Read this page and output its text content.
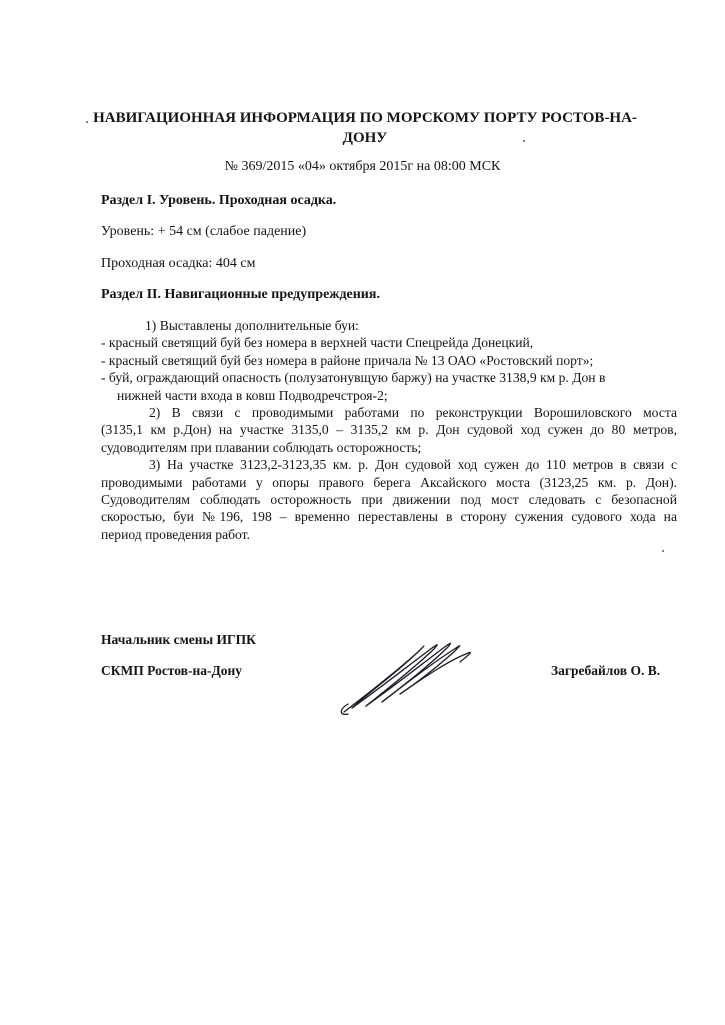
НАВИГАЦИОННАЯ ИНФОРМАЦИЯ ПО МОРСКОМУ ПОРТУ РОСТОВ-НА-ДОНУ
№ 369/2015 «04» октября 2015г на 08:00 МСК
Раздел I. Уровень. Проходная осадка.
Уровень: + 54 см (слабое падение)
Проходная осадка: 404 см
Раздел II. Навигационные предупреждения.
1) Выставлены дополнительные буи:
- красный светящий буй без номера в верхней части Спецрейда Донецкий,
- красный светящий буй без номера в районе причала № 13 ОАО «Ростовский порт»;
- буй, ограждающий опасность (полузатонувщую баржу) на участке 3138,9 км р. Дон в
нижней части входа в ковш Подводречстроя-2;
2) В связи с проводимыми работами по реконструкции Ворошиловского моста
(3135,1 км р.Дон) на участке 3135,0 – 3135,2 км р. Дон судовой ход сужен до 80 метров,
судоводителям при плавании соблюдать осторожность;
3) На участке 3123,2-3123,35 км. р. Дон судовой ход сужен до 110 метров в связи с
проводимыми работами у опоры правого берега Аксайского моста (3123,25 км. р. Дон).
Судоводителям соблюдать осторожность при движении под мост следовать с безопасной
скоростью, буи №196, 198 – временно переставлены в сторону сужения судового хода на
период проведения работ.
Начальник смены ИГПК
СКМП Ростов-на-Дону	Загребайлов О. В.
